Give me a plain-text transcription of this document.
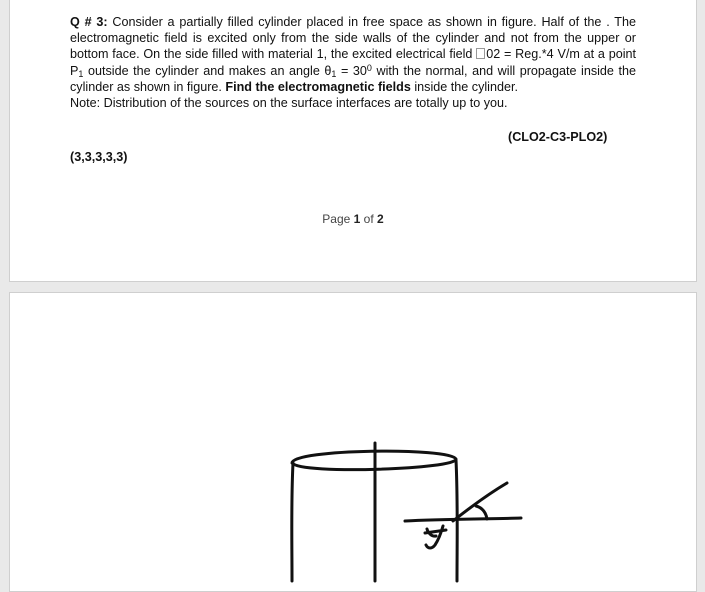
Q # 3: Consider a partially filled cylinder placed in free space as shown in figure. Half of the . The electromagnetic field is excited only from the side walls of the cylinder and not from the upper or bottom face. On the side filled with material 1, the excited electrical field 02 = Reg.*4 V/m at a point $P_1$ outside the cylinder and makes an angle $\theta_1 = 30^0$ with the normal, and will propagate inside the cylinder as shown in figure. Find the electromagnetic fields inside the cylinder.

Note: Distribution of the sources on the surface interfaces are totally up to you.

(CLO2-C3-PLO2)
(3,3,3,3,3)
Page 1 of 2
